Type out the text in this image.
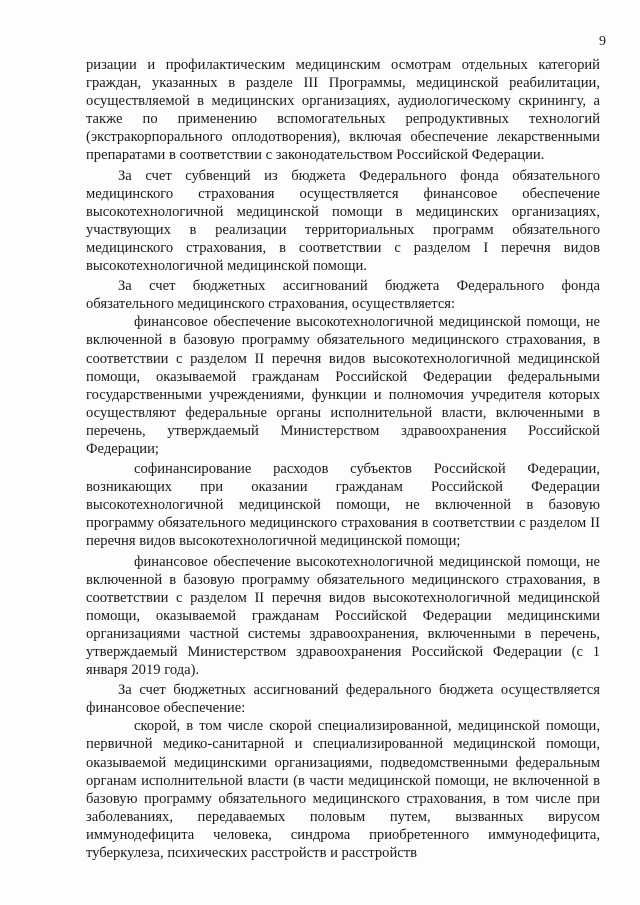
9

ризации и профилактическим медицинским осмотрам отдельных категорий граждан, указанных в разделе III Программы, медицинской реабилитации, осуществляемой в медицинских организациях, аудиологическому скринингу, а также по применению вспомогательных репродуктивных технологий (экстракорпорального оплодотворения), включая обеспечение лекарственными препаратами в соответствии с законодательством Российской Федерации.

За счет субвенций из бюджета Федерального фонда обязательного медицинского страхования осуществляется финансовое обеспечение высокотехнологичной медицинской помощи в медицинских организациях, участвующих в реализации территориальных программ обязательного медицинского страхования, в соответствии с разделом I перечня видов высокотехнологичной медицинской помощи.

За счет бюджетных ассигнований бюджета Федерального фонда обязательного медицинского страхования, осуществляется:

финансовое обеспечение высокотехнологичной медицинской помощи, не включенной в базовую программу обязательного медицинского страхования, в соответствии с разделом II перечня видов высокотехнологичной медицинской помощи, оказываемой гражданам Российской Федерации федеральными государственными учреждениями, функции и полномочия учредителя которых осуществляют федеральные органы исполнительной власти, включенными в перечень, утверждаемый Министерством здравоохранения Российской Федерации;

софинансирование расходов субъектов Российской Федерации, возникающих при оказании гражданам Российской Федерации высокотехнологичной медицинской помощи, не включенной в базовую программу обязательного медицинского страхования в соответствии с разделом II перечня видов высокотехнологичной медицинской помощи;

финансовое обеспечение высокотехнологичной медицинской помощи, не включенной в базовую программу обязательного медицинского страхования, в соответствии с разделом II перечня видов высокотехнологичной медицинской помощи, оказываемой гражданам Российской Федерации медицинскими организациями частной системы здравоохранения, включенными в перечень, утверждаемый Министерством здравоохранения Российской Федерации (с 1 января 2019 года).

За счет бюджетных ассигнований федерального бюджета осуществляется финансовое обеспечение:

скорой, в том числе скорой специализированной, медицинской помощи, первичной медико-санитарной и специализированной медицинской помощи, оказываемой медицинскими организациями, подведомственными федеральным органам исполнительной власти (в части медицинской помощи, не включенной в базовую программу обязательного медицинского страхования, в том числе при заболеваниях, передаваемых половым путем, вызванных вирусом иммунодефицита человека, синдрома приобретенного иммунодефицита, туберкулеза, психических расстройств и расстройств
